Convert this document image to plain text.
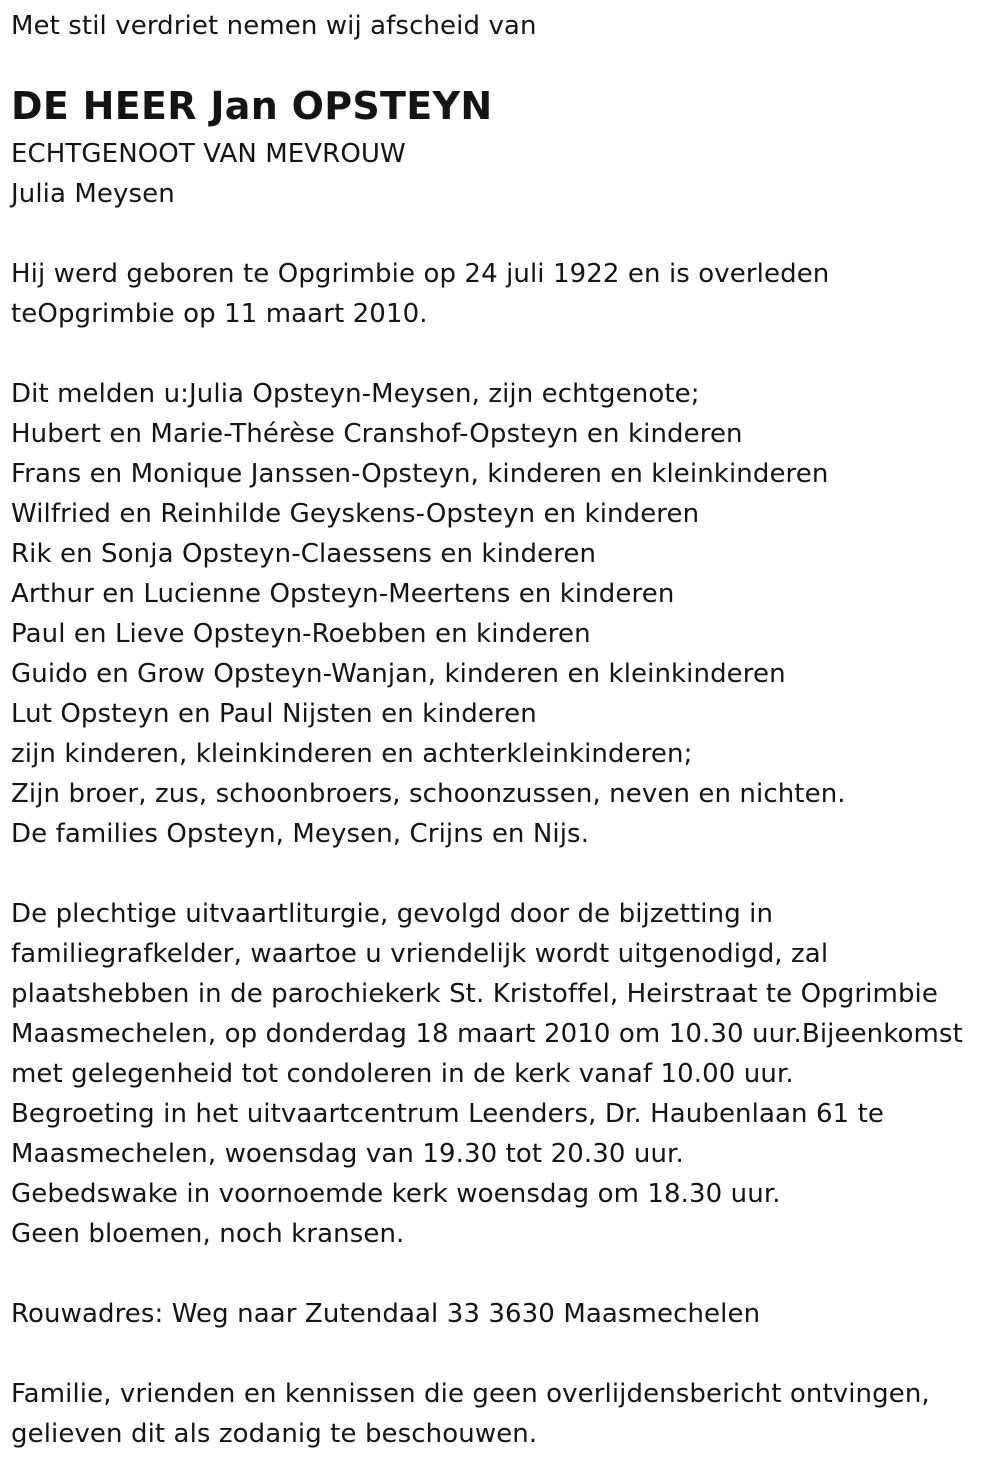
Met stil verdriet nemen wij afscheid van
DE HEER Jan OPSTEYN
ECHTGENOOT VAN MEVROUW
Julia Meysen
Hij werd geboren te Opgrimbie op 24 juli 1922 en is overleden
teOpgrimbie op 11 maart 2010.
Dit melden u:Julia Opsteyn-Meysen, zijn echtgenote;
Hubert en Marie-Thérèse Cranshof-Opsteyn en kinderen
Frans en Monique Janssen-Opsteyn, kinderen en kleinkinderen
Wilfried en Reinhilde Geyskens-Opsteyn en kinderen
Rik en Sonja Opsteyn-Claessens en kinderen
Arthur en Lucienne Opsteyn-Meertens en kinderen
Paul en Lieve Opsteyn-Roebben en kinderen
Guido en Grow Opsteyn-Wanjan, kinderen en kleinkinderen
Lut Opsteyn en Paul Nijsten en kinderen
zijn kinderen, kleinkinderen en achterkleinkinderen;
Zijn broer, zus, schoonbroers, schoonzussen, neven en nichten.
De families Opsteyn, Meysen, Crijns en Nijs.
De plechtige uitvaartliturgie, gevolgd door de bijzetting in
familiegrafkelder, waartoe u vriendelijk wordt uitgenodigd, zal
plaatshebben in de parochiekerk St. Kristoffel, Heirstraat te Opgrimbie
Maasmechelen, op donderdag 18 maart 2010 om 10.30 uur.Bijeenkomst
met gelegenheid tot condoleren in de kerk vanaf 10.00 uur.
Begroeting in het uitvaartcentrum Leenders, Dr. Haubenlaan 61 te
Maasmechelen, woensdag van 19.30 tot 20.30 uur.
Gebedswake in voornoemde kerk woensdag om 18.30 uur.
Geen bloemen, noch kransen.
Rouwadres: Weg naar Zutendaal 33 3630 Maasmechelen
Familie, vrienden en kennissen die geen overlijdensbericht ontvingen,
gelieven dit als zodanig te beschouwen.
